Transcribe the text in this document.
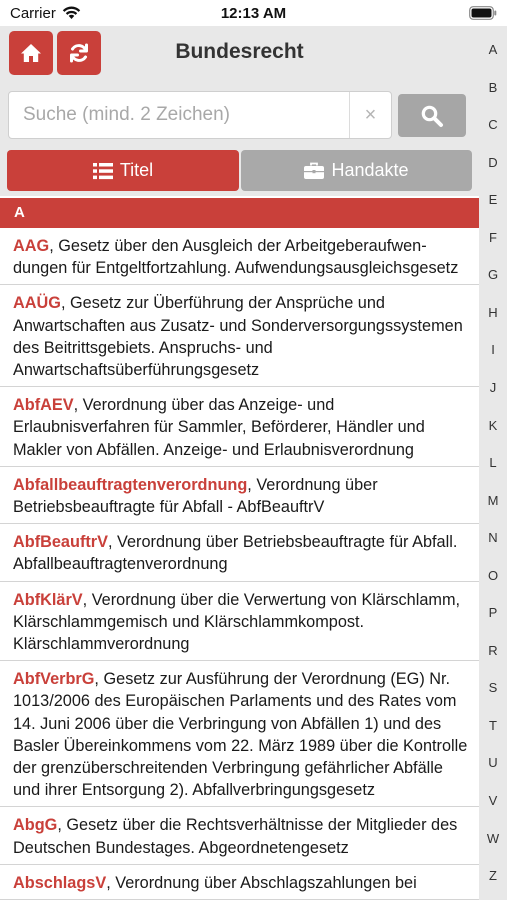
Carrier	12:13 AM
Bundesrecht
Suche (mind. 2 Zeichen)
×
Titel	Handakte
A
AAG, Gesetz über den Ausgleich der Arbeitgeberaufwendungen für Entgeltfortzahlung. Aufwendungsausgleichsgesetz
AAÜG, Gesetz zur Überführung der Ansprüche und Anwartschaften aus Zusatz- und Sonderversorgungssystemen des Beitrittsgebiets. Anspruchs- und Anwartschaftsüberführungsgesetz
AbfAEV, Verordnung über das Anzeige- und Erlaubnisverfahren für Sammler, Beförderer, Händler und Makler von Abfällen. Anzeige- und Erlaubnisverordnung
Abfallbeauftragtenverordnung, Verordnung über Betriebsbeauftragte für Abfall - AbfBeauftrV
AbfBeauftrV, Verordnung über Betriebsbeauftragte für Abfall. Abfallbeauftragtenverordnung
AbfKlärV, Verordnung über die Verwertung von Klärschlamm, Klärschlammgemisch und Klärschlammkompost. Klärschlammverordnung
AbfVerbrG, Gesetz zur Ausführung der Verordnung (EG) Nr. 1013/2006 des Europäischen Parlaments und des Rates vom 14. Juni 2006 über die Verbringung von Abfällen 1) und des Basler Übereinkommens vom 22. März 1989 über die Kontrolle der grenzüberschreitenden Verbringung gefährlicher Abfälle und ihrer Entsorgung 2). Abfallverbringungsgesetz
AbgG, Gesetz über die Rechtsverhältnisse der Mitglieder des Deutschen Bundestages. Abgeordnetengesetz
AbschlagsV, Verordnung über Abschlagszahlungen bei
A
B
C
D
E
F
G
H
I
J
K
L
M
N
O
P
R
S
T
U
V
W
Z
